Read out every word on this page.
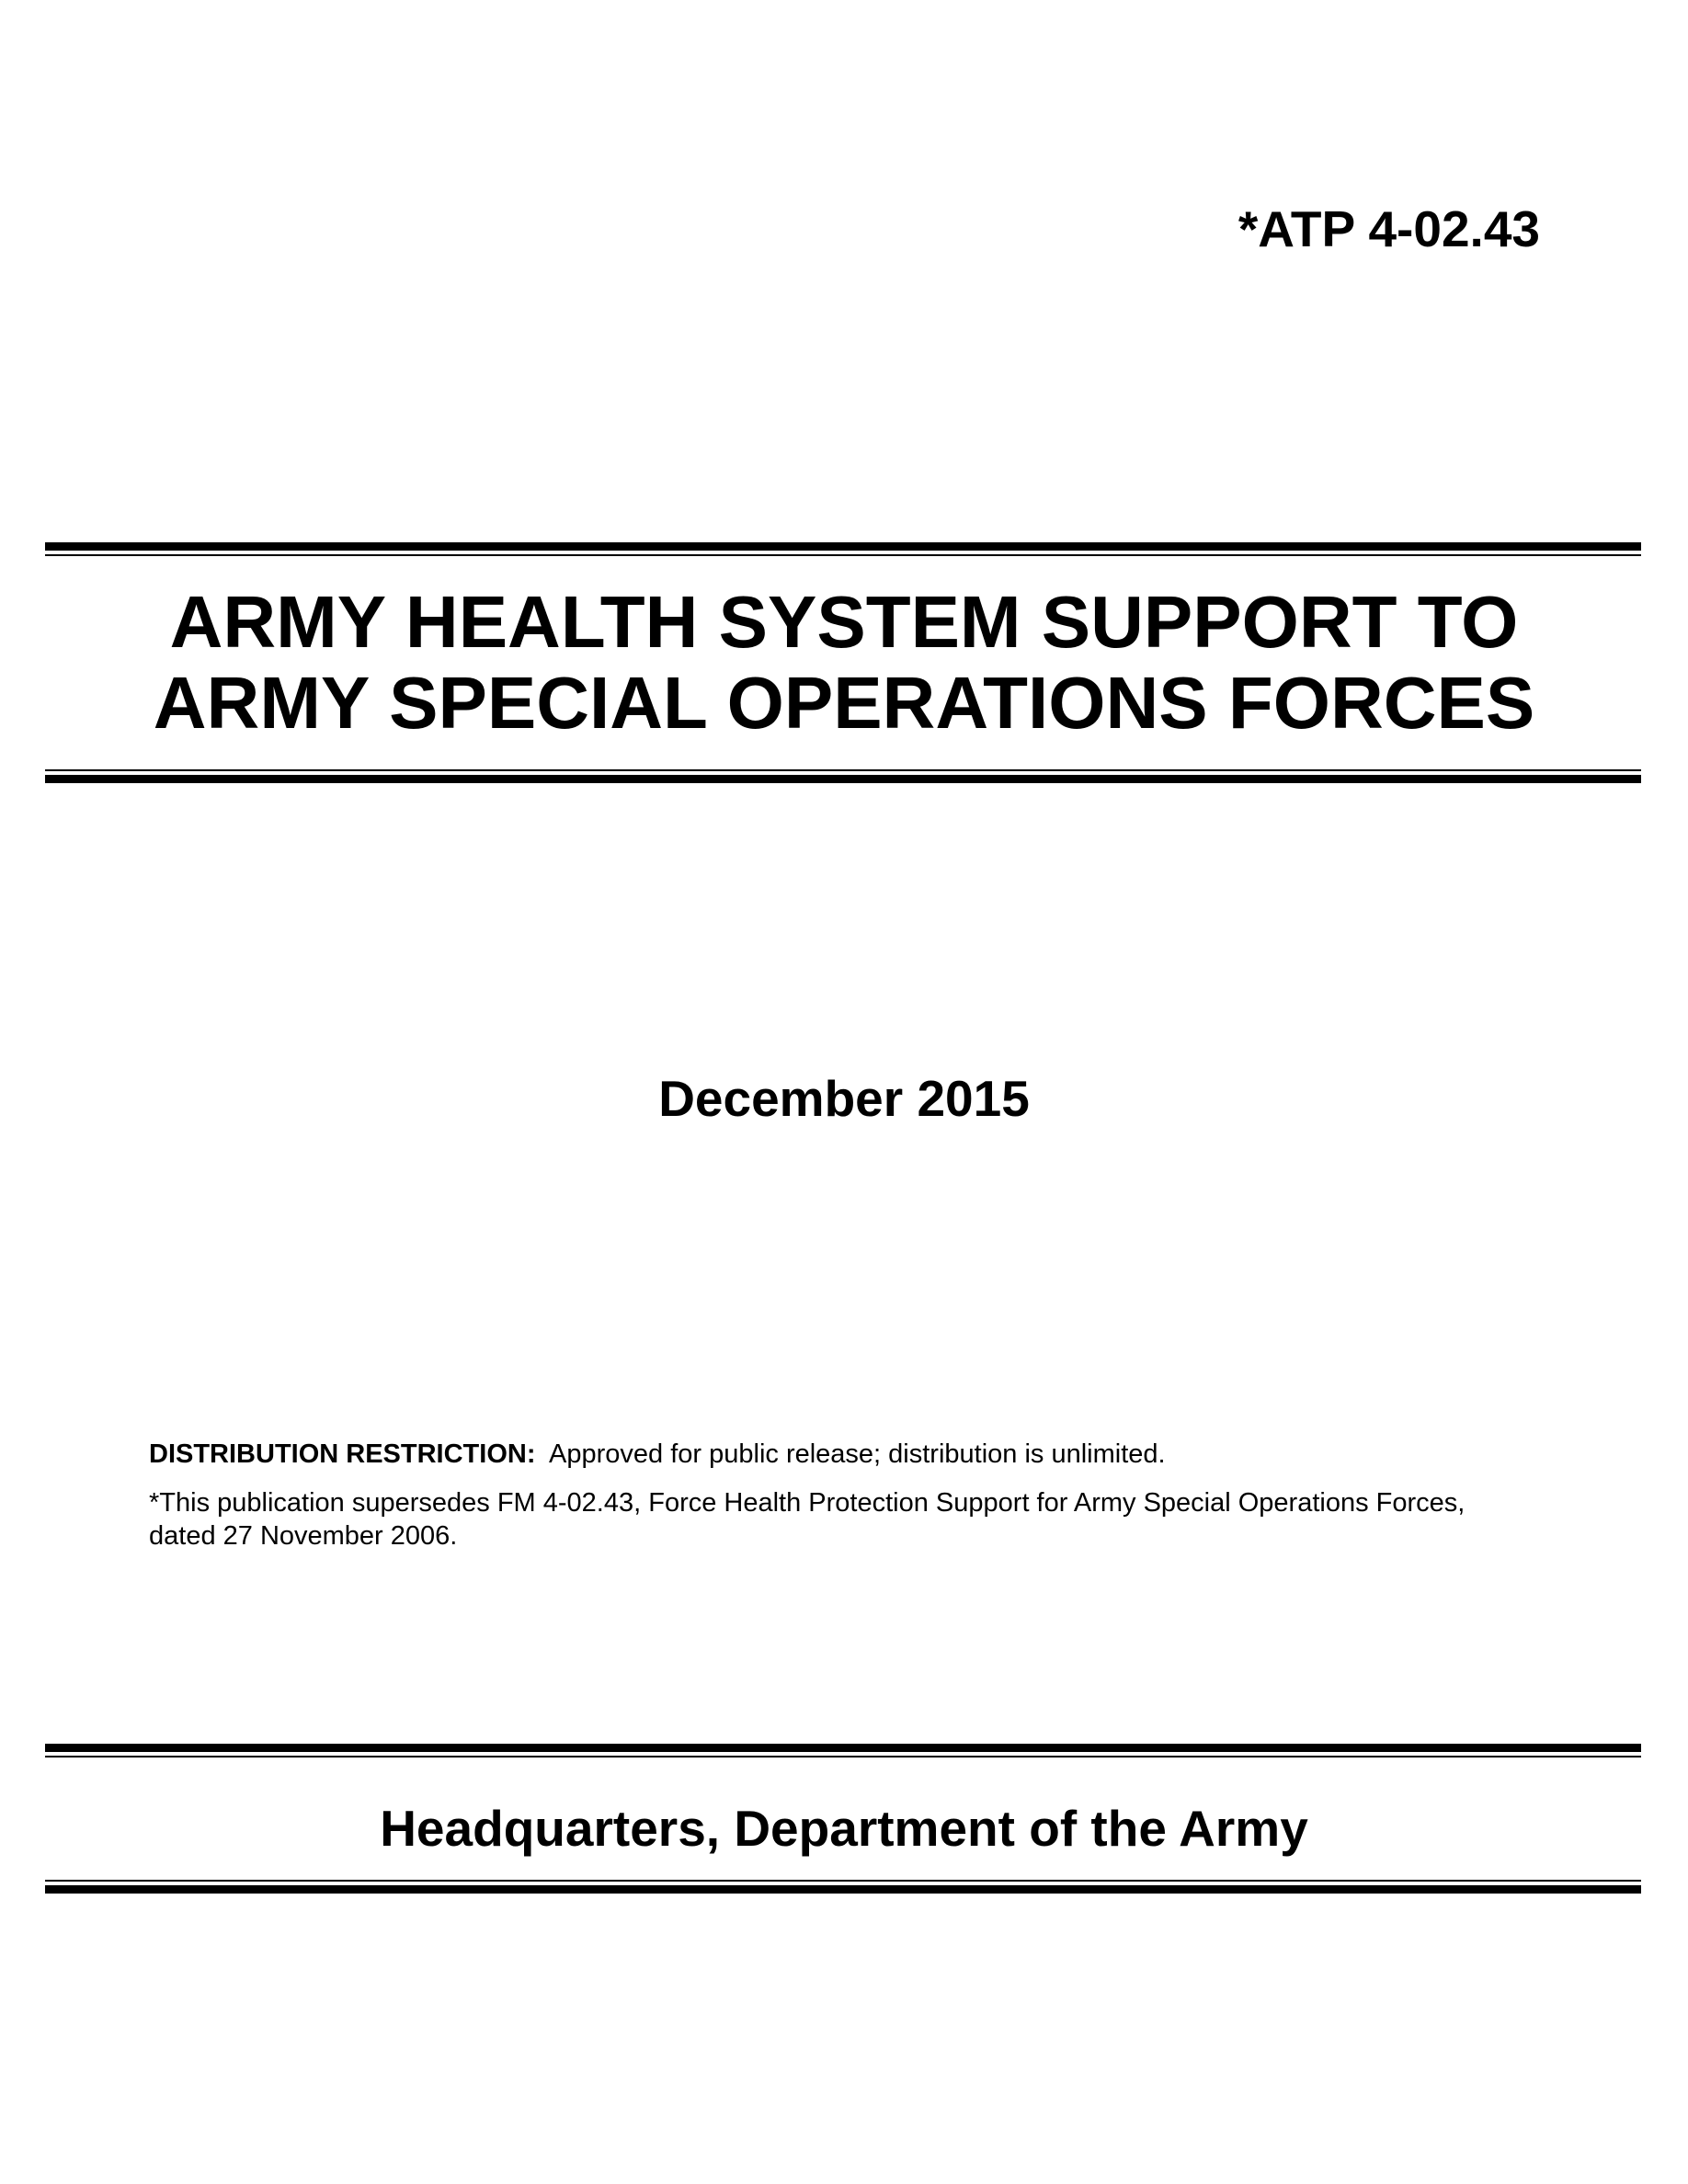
*ATP 4-02.43
ARMY HEALTH SYSTEM SUPPORT TO
ARMY SPECIAL OPERATIONS FORCES
December 2015
DISTRIBUTION RESTRICTION: Approved for public release; distribution is unlimited.
*This publication supersedes FM 4-02.43, Force Health Protection Support for Army Special Operations Forces,
dated 27 November 2006.
Headquarters, Department of the Army
